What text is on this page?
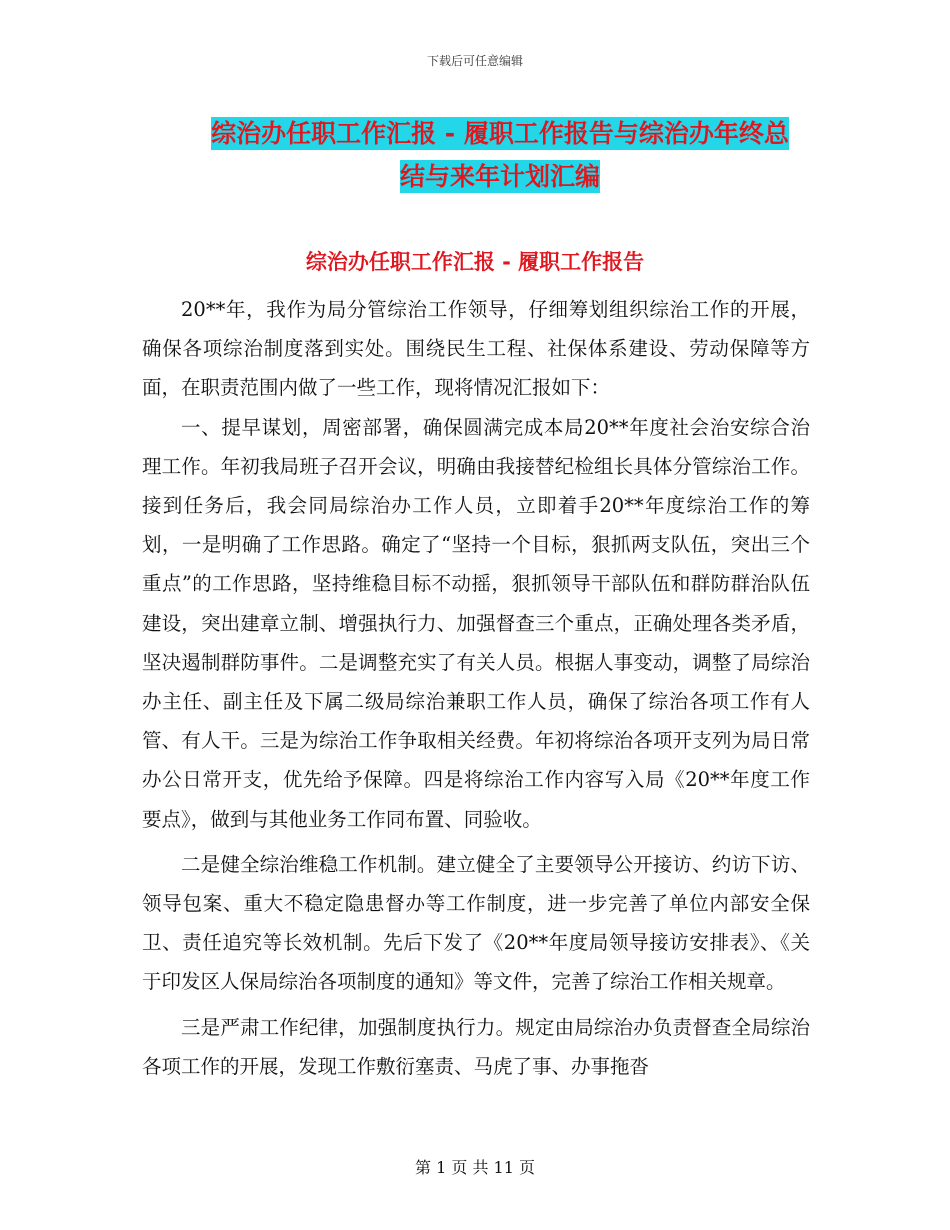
下载后可任意编辑
综治办任职工作汇报 - 履职工作报告与综治办年终总
结与来年计划汇编
综治办任职工作汇报 - 履职工作报告

20**年，我作为局分管综治工作领导，仔细筹划组织综治工作的开展，确保各项综治制度落到实处。围绕民生工程、社保体系建设、劳动保障等方面，在职责范围内做了一些工作，现将情况汇报如下：

一、提早谋划，周密部署，确保圆满完成本局20**年度社会治安综合治理工作。年初我局班子召开会议，明确由我接替纪检组长具体分管综治工作。接到任务后，我会同局综治办工作人员，立即着手20**年度综治工作的筹划，一是明确了工作思路。确定了“坚持一个目标，狠抓两支队伍，突出三个重点”的工作思路，坚持维稳目标不动摇，狠抓领导干部队伍和群防群治队伍建设，突出建章立制、增强执行力、加强督查三个重点，正确处理各类矛盾，坚决遏制群防事件。二是调整充实了有关人员。根据人事变动，调整了局综治办主任、副主任及下属二级局综治兼职工作人员，确保了综治各项工作有人管、有人干。三是为综治工作争取相关经费。年初将综治各项开支列为局日常办公日常开支，优先给予保障。四是将综治工作内容写入局《20**年度工作要点》，做到与其他业务工作同布置、同验收。

二是健全综治维稳工作机制。建立健全了主要领导公开接访、约访下访、领导包案、重大不稳定隐患督办等工作制度，进一步完善了单位内部安全保卫、责任追究等长效机制。先后下发了《20**年度局领导接访安排表》、《关于印发区人保局综治各项制度的通知》等文件，完善了综治工作相关规章。

三是严肃工作纪律，加强制度执行力。规定由局综治办负责督查全局综治各项工作的开展，发现工作敷衍塞责、马虎了事、办事拖沓

第 1 页 共 11 页
